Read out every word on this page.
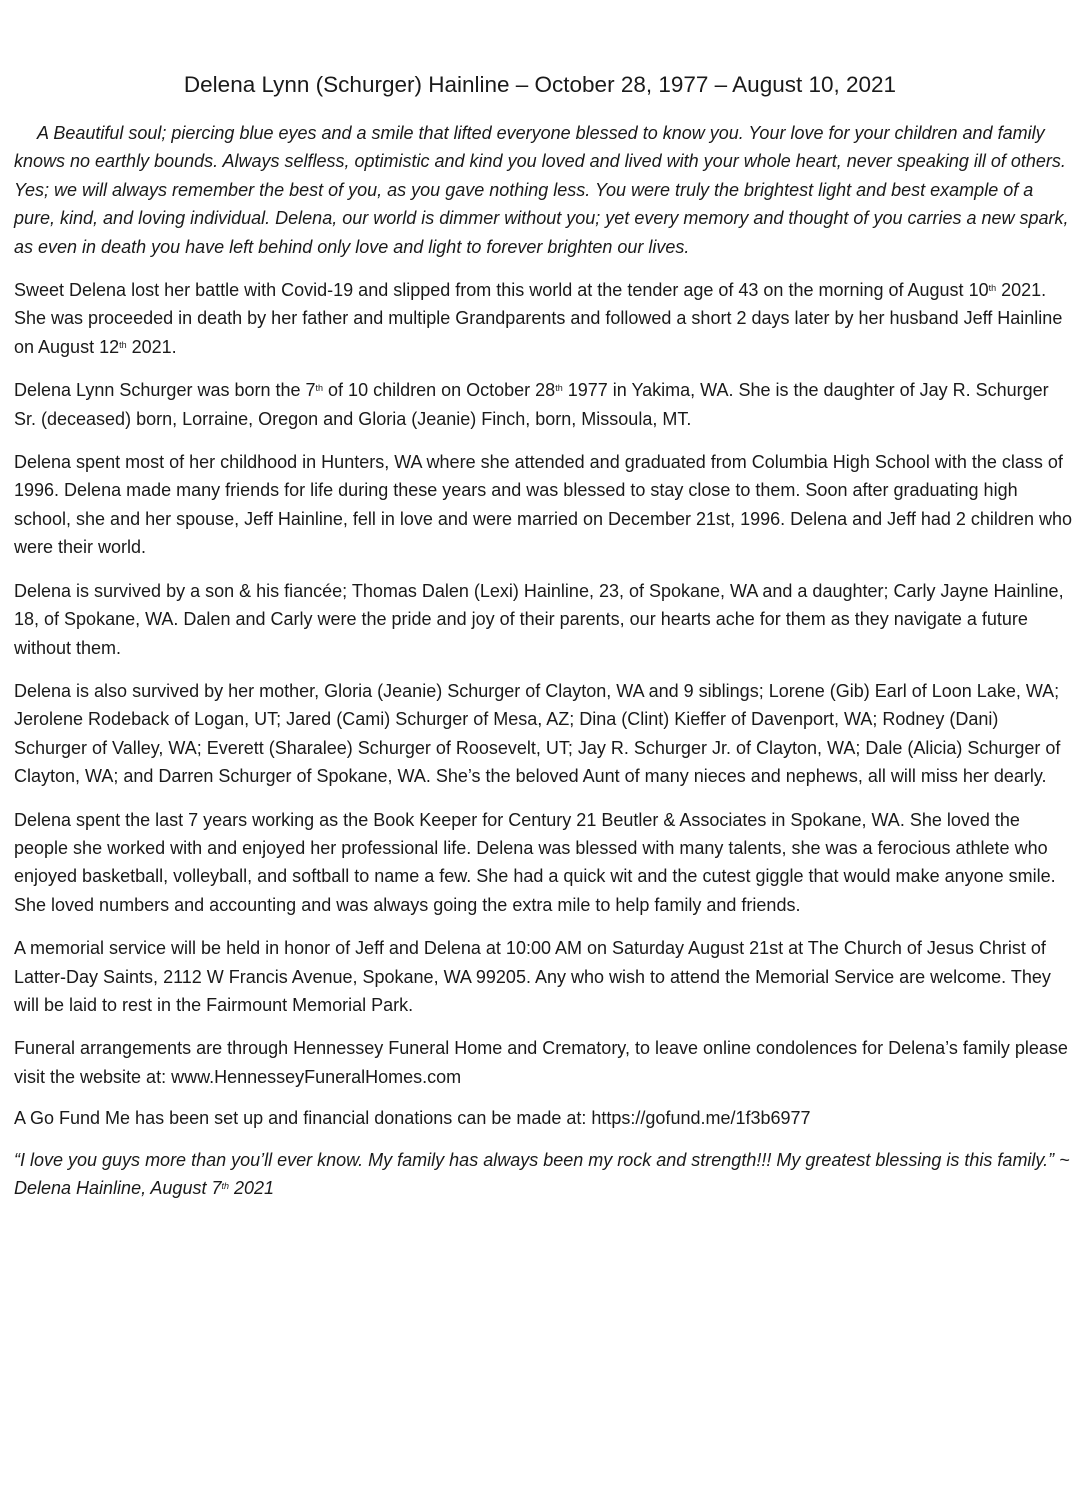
Delena Lynn (Schurger) Hainline – October 28, 1977 – August 10, 2021

A Beautiful soul; piercing blue eyes and a smile that lifted everyone blessed to know you. Your love for your children and family knows no earthly bounds. Always selfless, optimistic and kind you loved and lived with your whole heart, never speaking ill of others. Yes; we will always remember the best of you, as you gave nothing less. You were truly the brightest light and best example of a pure, kind, and loving individual. Delena, our world is dimmer without you; yet every memory and thought of you carries a new spark, as even in death you have left behind only love and light to forever brighten our lives.

Sweet Delena lost her battle with Covid-19 and slipped from this world at the tender age of 43 on the morning of August 10th 2021. She was proceeded in death by her father and multiple Grandparents and followed a short 2 days later by her husband Jeff Hainline on August 12th 2021.

Delena Lynn Schurger was born the 7th of 10 children on October 28th 1977 in Yakima, WA. She is the daughter of Jay R. Schurger Sr. (deceased) born, Lorraine, Oregon and Gloria (Jeanie) Finch, born, Missoula, MT.

Delena spent most of her childhood in Hunters, WA where she attended and graduated from Columbia High School with the class of 1996. Delena made many friends for life during these years and was blessed to stay close to them. Soon after graduating high school, she and her spouse, Jeff Hainline, fell in love and were married on December 21st, 1996. Delena and Jeff had 2 children who were their world.

Delena is survived by a son & his fiancée; Thomas Dalen (Lexi) Hainline, 23, of Spokane, WA and a daughter; Carly Jayne Hainline, 18, of Spokane, WA. Dalen and Carly were the pride and joy of their parents, our hearts ache for them as they navigate a future without them.

Delena is also survived by her mother, Gloria (Jeanie) Schurger of Clayton, WA and 9 siblings; Lorene (Gib) Earl of Loon Lake, WA; Jerolene Rodeback of Logan, UT; Jared (Cami) Schurger of Mesa, AZ; Dina (Clint) Kieffer of Davenport, WA; Rodney (Dani) Schurger of Valley, WA; Everett (Sharalee) Schurger of Roosevelt, UT; Jay R. Schurger Jr. of Clayton, WA; Dale (Alicia) Schurger of Clayton, WA; and Darren Schurger of Spokane, WA. She’s the beloved Aunt of many nieces and nephews, all will miss her dearly.

Delena spent the last 7 years working as the Book Keeper for Century 21 Beutler & Associates in Spokane, WA. She loved the people she worked with and enjoyed her professional life. Delena was blessed with many talents, she was a ferocious athlete who enjoyed basketball, volleyball, and softball to name a few. She had a quick wit and the cutest giggle that would make anyone smile. She loved numbers and accounting and was always going the extra mile to help family and friends.

A memorial service will be held in honor of Jeff and Delena at 10:00 AM on Saturday August 21st at The Church of Jesus Christ of Latter-Day Saints, 2112 W Francis Avenue, Spokane, WA 99205. Any who wish to attend the Memorial Service are welcome. They will be laid to rest in the Fairmount Memorial Park.

Funeral arrangements are through Hennessey Funeral Home and Crematory, to leave online condolences for Delena’s family please visit the website at: www.HennesseyFuneralHomes.com

A Go Fund Me has been set up and financial donations can be made at: https://gofund.me/1f3b6977

“I love you guys more than you’ll ever know. My family has always been my rock and strength!!! My greatest blessing is this family.” ~ Delena Hainline, August 7th 2021
